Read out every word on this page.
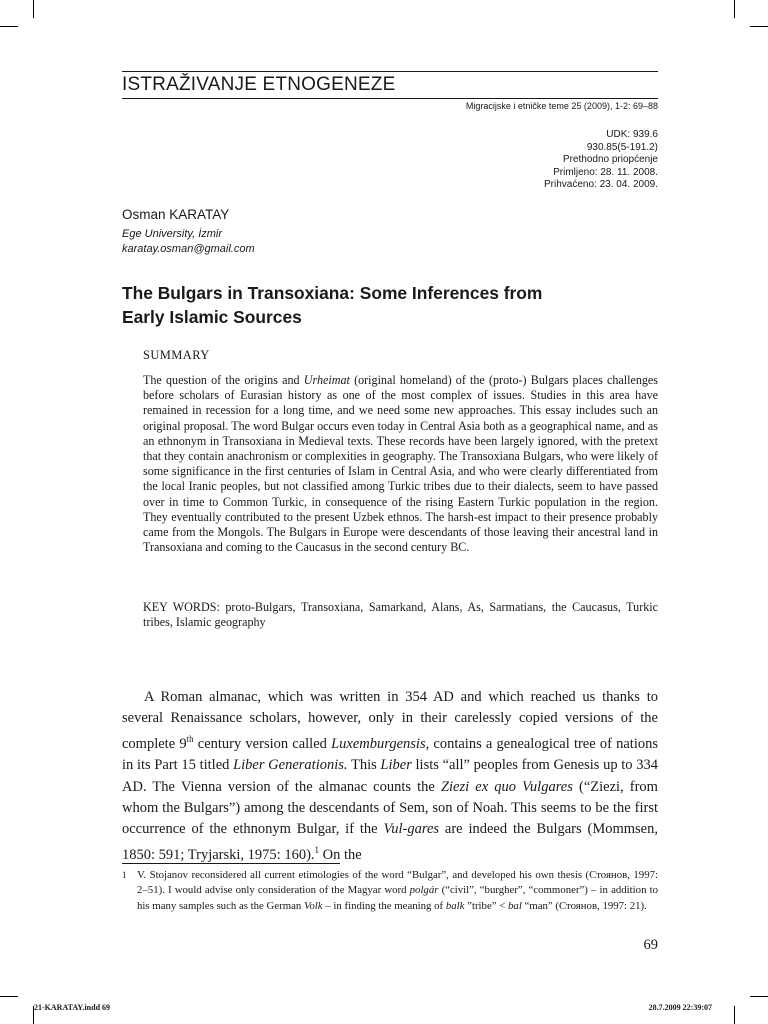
ISTRAŽIVANJE ETNOGENEZE
Migracijske i etničke teme 25 (2009), 1-2: 69–88
UDK: 939.6
930.85(5-191.2)
Prethodno priopćenje
Primljeno: 28. 11. 2008.
Prihvaćeno: 23. 04. 2009.
Osman KARATAY
Ege University, İzmir
karatay.osman@gmail.com
The Bulgars in Transoxiana: Some Inferences from
Early Islamic Sources
SUMMARY
The question of the origins and Urheimat (original homeland) of the (proto-) Bulgars places challenges before scholars of Eurasian history as one of the most complex of issues. Studies in this area have remained in recession for a long time, and we need some new approaches. This essay includes such an original proposal. The word Bulgar occurs even today in Central Asia both as a geographical name, and as an ethnonym in Transoxiana in Medieval texts. These records have been largely ignored, with the pretext that they contain anachronism or complexities in geography. The Transoxiana Bulgars, who were likely of some significance in the first centuries of Islam in Central Asia, and who were clearly differentiated from the local Iranic peoples, but not classified among Turkic tribes due to their dialects, seem to have passed over in time to Common Turkic, in consequence of the rising Eastern Turkic population in the region. They eventually contributed to the present Uzbek ethnos. The harsh-est impact to their presence probably came from the Mongols. The Bulgars in Europe were descendants of those leaving their ancestral land in Transoxiana and coming to the Caucasus in the second century BC.
KEY WORDS: proto-Bulgars, Transoxiana, Samarkand, Alans, As, Sarmatians, the Caucasus, Turkic tribes, Islamic geography
A Roman almanac, which was written in 354 AD and which reached us thanks to several Renaissance scholars, however, only in their carelessly copied versions of the complete 9th century version called Luxemburgensis, contains a genealogical tree of nations in its Part 15 titled Liber Generationis. This Liber lists “all” peoples from Genesis up to 334 AD. The Vienna version of the almanac counts the Ziezi ex quo Vulgares (“Ziezi, from whom the Bulgars”) among the descendants of Sem, son of Noah. This seems to be the first occurrence of the ethnonym Bulgar, if the Vul-gares are indeed the Bulgars (Mommsen, 1850: 591; Tryjarski, 1975: 160).$^1$ On the
1 V. Stojanov reconsidered all current etimologies of the word “Bulgar”, and developed his own thesis (Стоянов, 1997: 2–51). I would advise only consideration of the Magyar word polgár (“civil”, “burgher”, “commoner”) – in addition to his many samples such as the German Volk – in finding the meaning of balk ”tribe” < bal “man” (Стоянов, 1997: 21).
69
21-KARATAY.indd 69	28.7.2009 22:39:07
